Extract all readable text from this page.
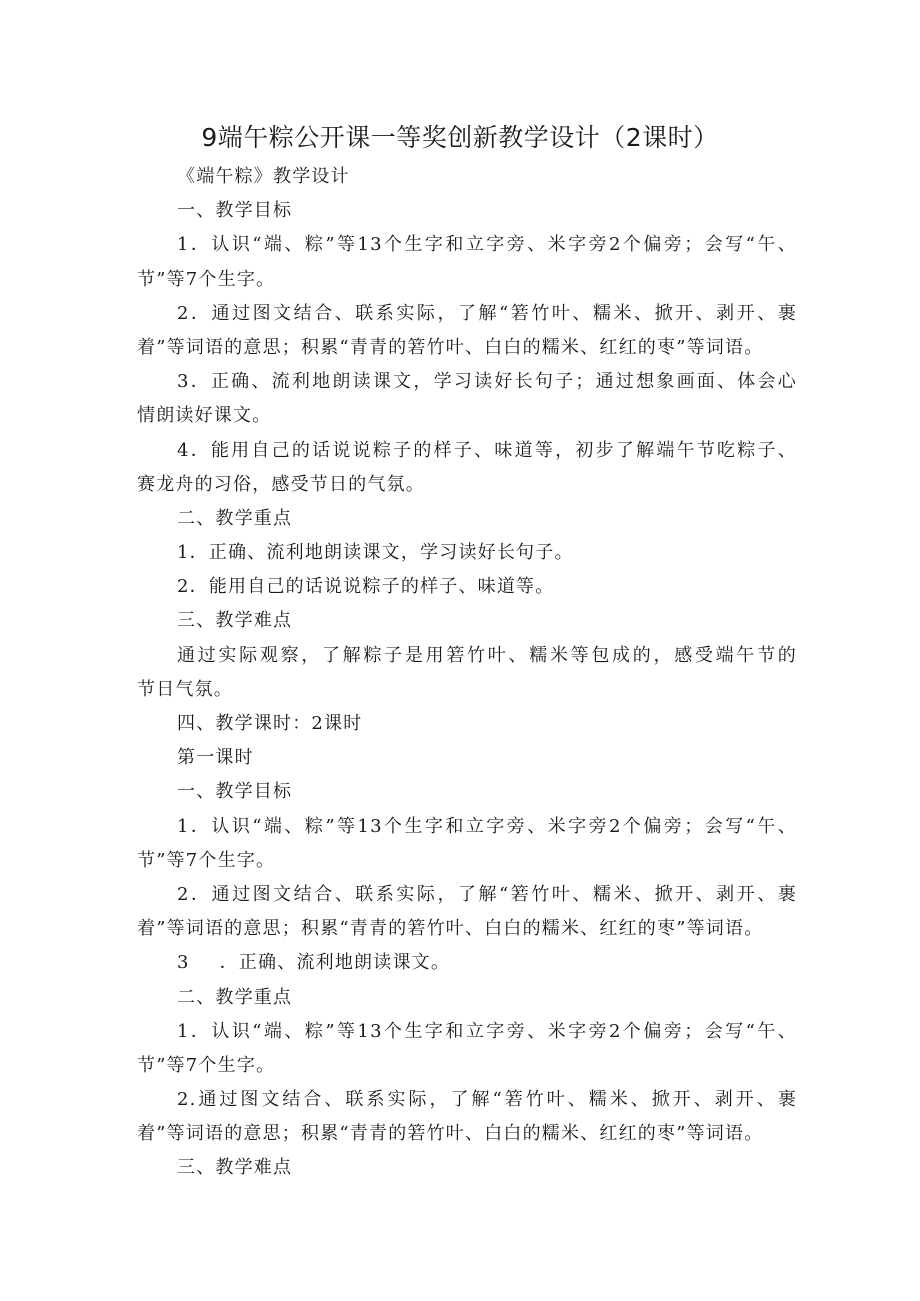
9端午粽公开课一等奖创新教学设计（2课时）
《端午粽》教学设计
一、教学目标
1．认识“端、粽”等13个生字和立字旁、米字旁2个偏旁；会写“午、
节”等7个生字。
2．通过图文结合、联系实际，了解“箬竹叶、糯米、掀开、剥开、裹
着”等词语的意思；积累“青青的箬竹叶、白白的糯米、红红的枣”等词语。
3．正确、流利地朗读课文，学习读好长句子；通过想象画面、体会心
情朗读好课文。
4．能用自己的话说说粽子的样子、味道等，初步了解端午节吃粽子、
赛龙舟的习俗，感受节日的气氛。
二、教学重点
1．正确、流利地朗读课文，学习读好长句子。
2．能用自己的话说说粽子的样子、味道等。
三、教学难点
通过实际观察，了解粽子是用箬竹叶、糯米等包成的，感受端午节的
节日气氛。
四、教学课时：2课时
第一课时
一、教学目标
1．认识“端、粽”等13个生字和立字旁、米字旁2个偏旁；会写“午、
节”等7个生字。
2．通过图文结合、联系实际，了解“箬竹叶、糯米、掀开、剥开、裹
着”等词语的意思；积累“青青的箬竹叶、白白的糯米、红红的枣”等词语。
3 ．正确、流利地朗读课文。
二、教学重点
1．认识“端、粽”等13个生字和立字旁、米字旁2个偏旁；会写“午、
节”等7个生字。
2.通过图文结合、联系实际，了解“箬竹叶、糯米、掀开、剥开、裹
着”等词语的意思；积累“青青的箬竹叶、白白的糯米、红红的枣”等词语。
三、教学难点
